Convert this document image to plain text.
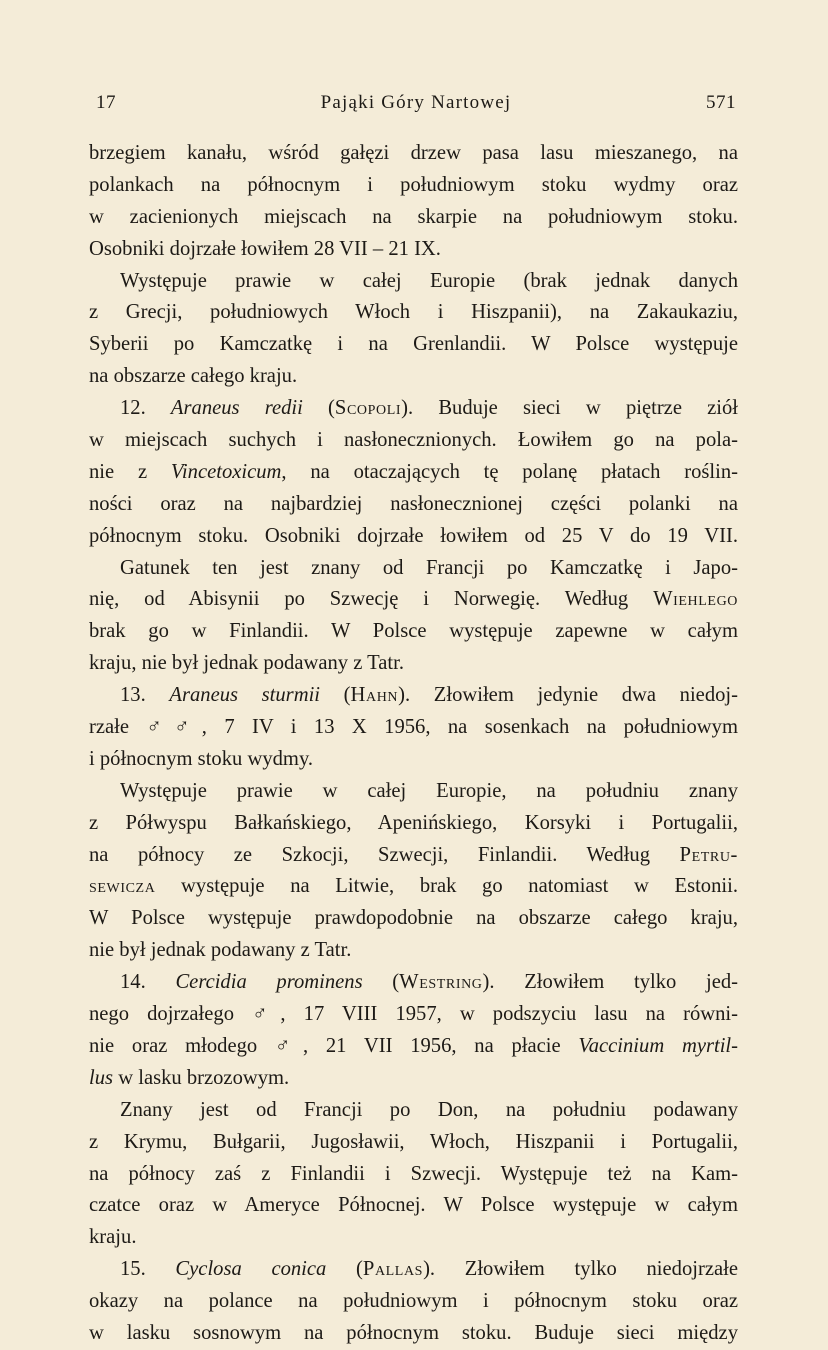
17	Pająki Góry Nartowej	571
brzegiem kanału, wśród gałęzi drzew pasa lasu mieszanego, na
polankach na północnym i południowym stoku wydmy oraz
w zacienionych miejscach na skarpie na południowym stoku.
Osobniki dojrzałe łowiłem 28 VII – 21 IX.
Występuje prawie w całej Europie (brak jednak danych
z Grecji, południowych Włoch i Hiszpanii), na Zakaukaziu,
Syberii po Kamczatkę i na Grenlandii. W Polsce występuje
na obszarze całego kraju.
12. Araneus redii (Scopoli). Buduje sieci w piętrze ziół
w miejscach suchych i nasłonecznionych. Łowiłem go na pola-
nie z Vincetoxicum, na otaczających tę polanę płatach roślin-
ności oraz na najbardziej nasłonecznionej części polanki na
północnym stoku. Osobniki dojrzałe łowiłem od 25 V do 19 VII.
Gatunek ten jest znany od Francji po Kamczatkę i Japo-
nię, od Abisynii po Szwecję i Norwegię. Według Wiehlego
brak go w Finlandii. W Polsce występuje zapewne w całym
kraju, nie był jednak podawany z Tatr.
13. Araneus sturmii (Hahn). Złowiłem jedynie dwa niedoj-
rzałe ♂♂, 7 IV i 13 X 1956, na sosenkach na południowym
i północnym stoku wydmy.
Występuje prawie w całej Europie, na południu znany
z Półwyspu Bałkańskiego, Apenińskiego, Korsyki i Portugalii,
na północy ze Szkocji, Szwecji, Finlandii. Według Petru-
sewicza występuje na Litwie, brak go natomiast w Estonii.
W Polsce występuje prawdopodobnie na obszarze całego kraju,
nie był jednak podawany z Tatr.
14. Cercidia prominens (Westring). Złowiłem tylko jed-
nego dojrzałego ♂, 17 VIII 1957, w podszyciu lasu na równi-
nie oraz młodego ♂, 21 VII 1956, na płacie Vaccinium myrtil-
lus w lasku brzozowym.
Znany jest od Francji po Don, na południu podawany
z Krymu, Bułgarii, Jugosławii, Włoch, Hiszpanii i Portugalii,
na północy zaś z Finlandii i Szwecji. Występuje też na Kam-
czatce oraz w Ameryce Północnej. W Polsce występuje w całym
kraju.
15. Cyclosa conica (Pallas). Złowiłem tylko niedojrzałe
okazy na polance na południowym i północnym stoku oraz
w lasku sosnowym na północnym stoku. Buduje sieci między
